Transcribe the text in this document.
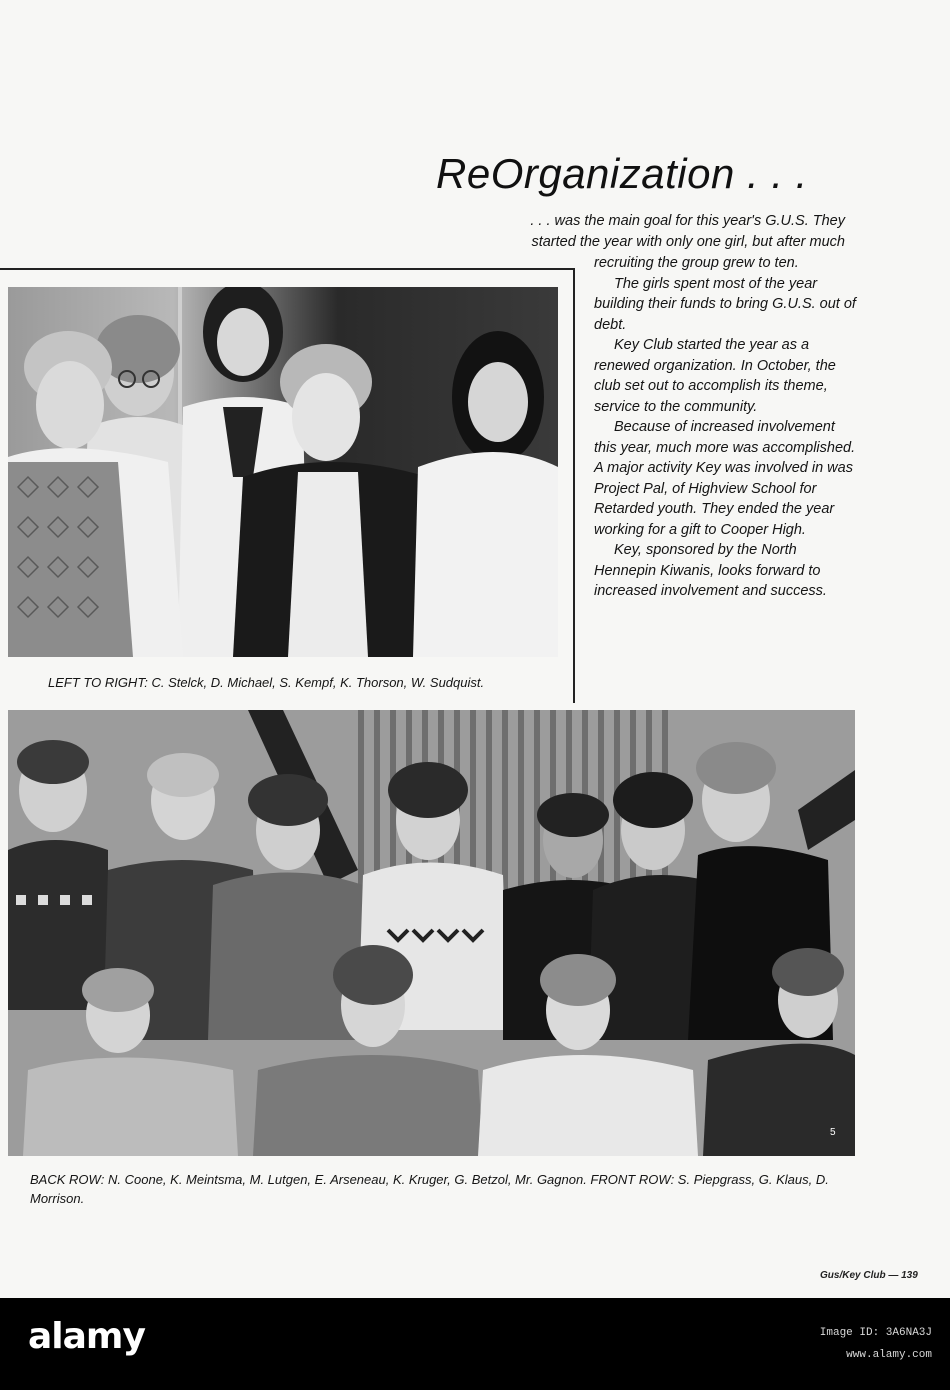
ReOrganization . . .

. . . was the main goal for this year's G.U.S. They

started the year with only one girl, but after much

recruiting the group grew to ten.

The girls spent most of the year building their funds to bring G.U.S. out of debt.

Key Club started the year as a renewed organization. In October, the club set out to accomplish its theme, service to the community.

Because of increased involvement this year, much more was accomplished. A major activity Key was involved in was Project Pal, of Highview School for Retarded youth. They ended the year working for a gift to Cooper High.

Key, sponsored by the North Hennepin Kiwanis, looks forward to increased involvement and success.

LEFT TO RIGHT: C. Stelck, D. Michael, S. Kempf, K. Thorson, W. Sudquist.

5

BACK ROW: N. Coone, K. Meintsma, M. Lutgen, E. Arseneau, K. Kruger, G. Betzol, Mr. Gagnon. FRONT ROW: S. Piepgrass, G. Klaus, D. Morrison.

Gus/Key Club — 139

alamy	Image ID: 3A6NA3J
www.alamy.com
